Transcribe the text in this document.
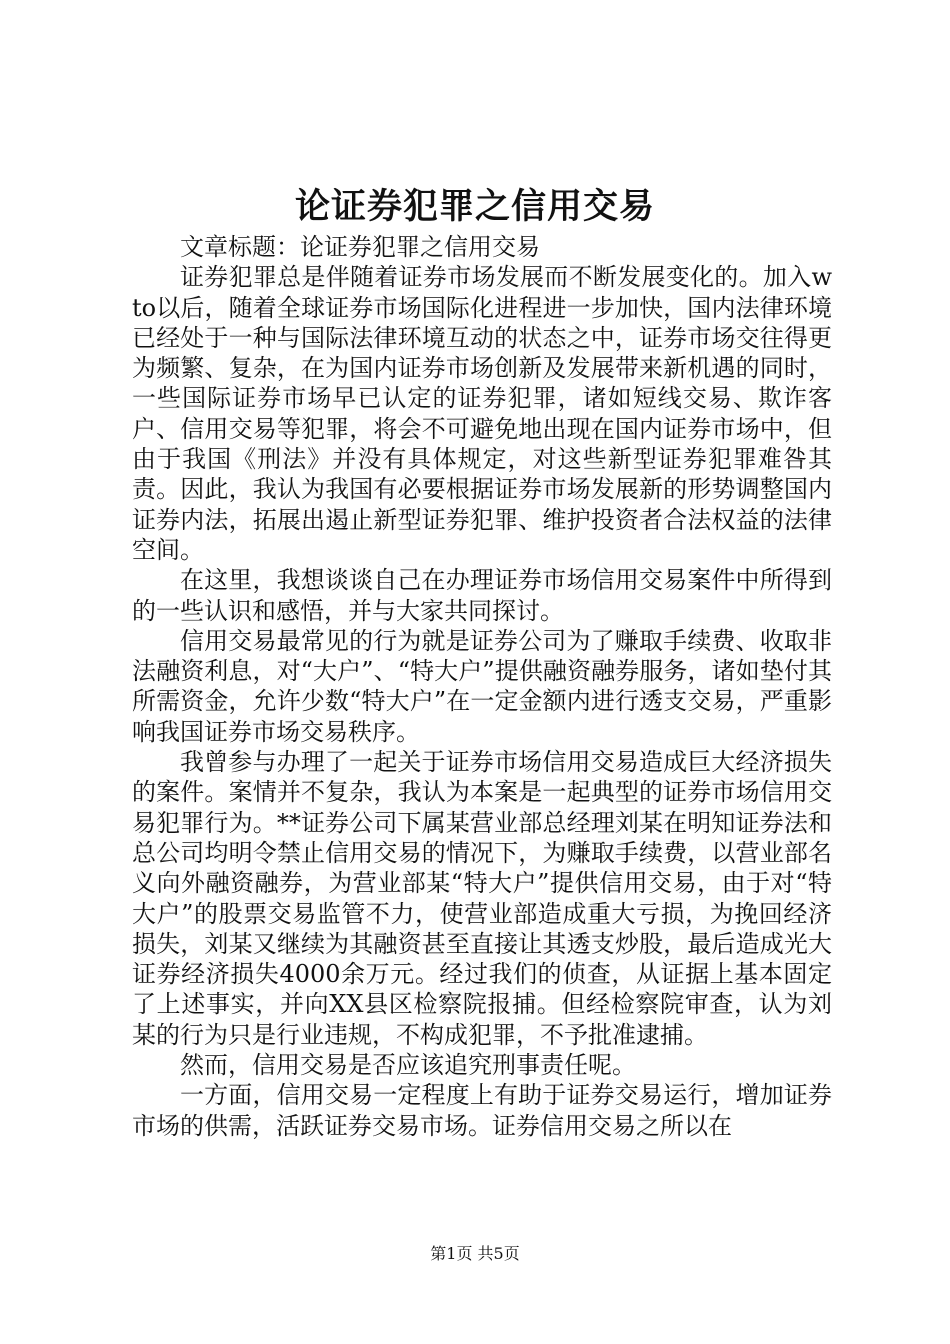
论证券犯罪之信用交易

文章标题：论证券犯罪之信用交易

证券犯罪总是伴随着证券市场发展而不断发展变化的。加入wto以后，随着全球证券市场国际化进程进一步加快，国内法律环境已经处于一种与国际法律环境互动的状态之中，证券市场交往得更为频繁、复杂，在为国内证券市场创新及发展带来新机遇的同时，一些国际证券市场早已认定的证券犯罪，诸如短线交易、欺诈客户、信用交易等犯罪，将会不可避免地出现在国内证券市场中，但由于我国《刑法》并没有具体规定，对这些新型证券犯罪难咎其责。因此，我认为我国有必要根据证券市场发展新的形势调整国内证券内法，拓展出遏止新型证券犯罪、维护投资者合法权益的法律空间。

在这里，我想谈谈自己在办理证券市场信用交易案件中所得到的一些认识和感悟，并与大家共同探讨。

信用交易最常见的行为就是证券公司为了赚取手续费、收取非法融资利息，对“大户”、“特大户”提供融资融券服务，诸如垫付其所需资金，允许少数“特大户”在一定金额内进行透支交易，严重影响我国证券市场交易秩序。

我曾参与办理了一起关于证券市场信用交易造成巨大经济损失的案件。案情并不复杂，我认为本案是一起典型的证券市场信用交易犯罪行为。**证券公司下属某营业部总经理刘某在明知证券法和总公司均明令禁止信用交易的情况下，为赚取手续费，以营业部名义向外融资融券，为营业部某“特大户”提供信用交易，由于对“特大户”的股票交易监管不力，使营业部造成重大亏损，为挽回经济损失，刘某又继续为其融资甚至直接让其透支炒股，最后造成光大证券经济损失4000余万元。经过我们的侦查，从证据上基本固定了上述事实，并向XX县区检察院报捕。但经检察院审查，认为刘某的行为只是行业违规，不构成犯罪，不予批准逮捕。

然而，信用交易是否应该追究刑事责任呢。

一方面，信用交易一定程度上有助于证券交易运行，增加证券市场的供需，活跃证券交易市场。证券信用交易之所以在

第1页 共5页
